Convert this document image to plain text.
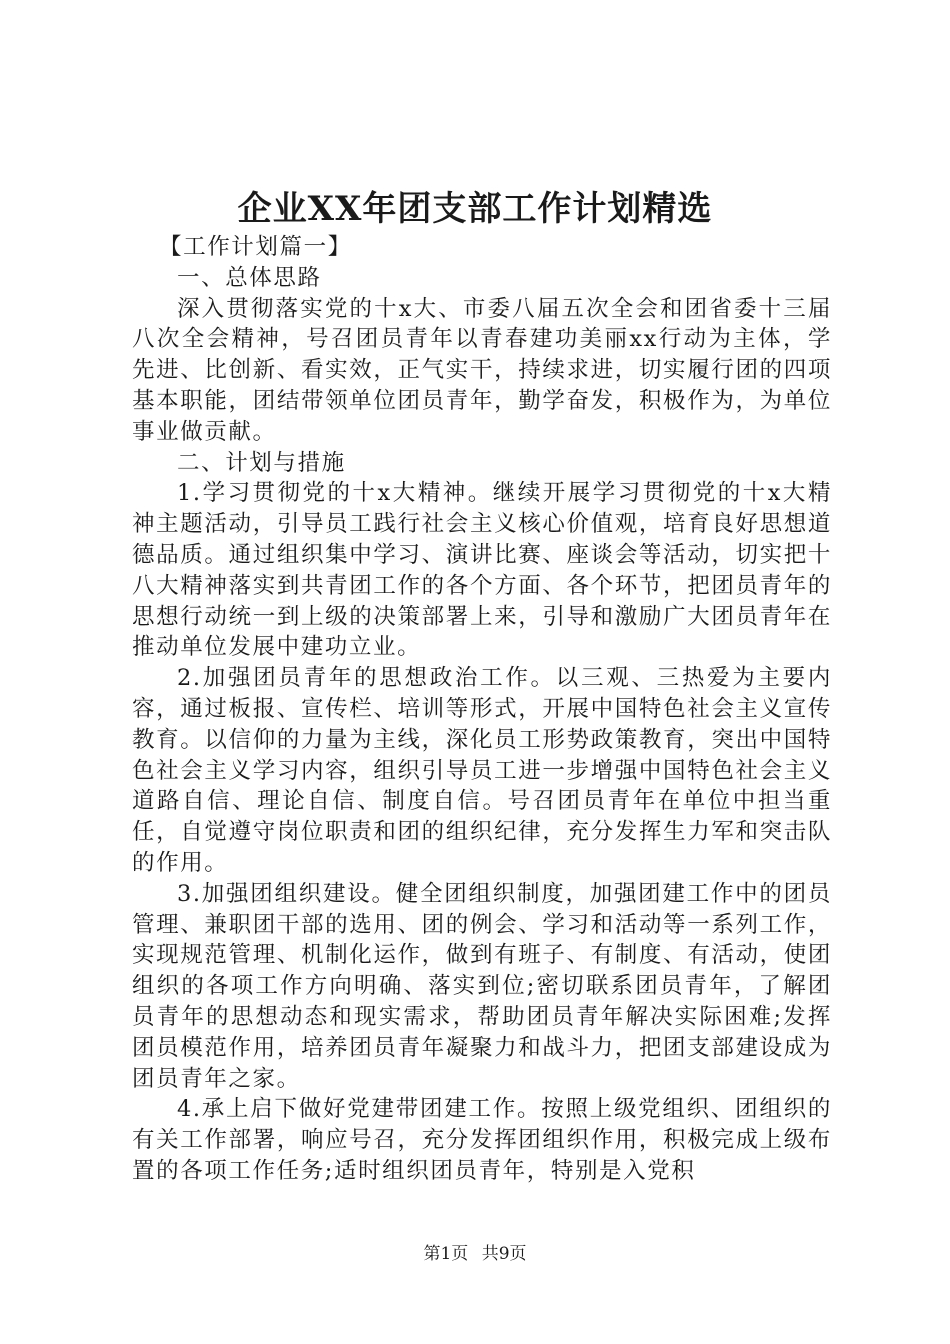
企业XX年团支部工作计划精选

【工作计划篇一】

一、总体思路

深入贯彻落实党的十x大、市委八届五次全会和团省委十三届八次全会精神，号召团员青年以青春建功美丽xx行动为主体，学先进、比创新、看实效，正气实干，持续求进，切实履行团的四项基本职能，团结带领单位团员青年，勤学奋发，积极作为，为单位事业做贡献。

二、计划与措施

1.学习贯彻党的十x大精神。继续开展学习贯彻党的十x大精神主题活动，引导员工践行社会主义核心价值观，培育良好思想道德品质。通过组织集中学习、演讲比赛、座谈会等活动，切实把十八大精神落实到共青团工作的各个方面、各个环节，把团员青年的思想行动统一到上级的决策部署上来，引导和激励广大团员青年在推动单位发展中建功立业。

2.加强团员青年的思想政治工作。以三观、三热爱为主要内容，通过板报、宣传栏、培训等形式，开展中国特色社会主义宣传教育。以信仰的力量为主线，深化员工形势政策教育，突出中国特色社会主义学习内容，组织引导员工进一步增强中国特色社会主义道路自信、理论自信、制度自信。号召团员青年在单位中担当重任，自觉遵守岗位职责和团的组织纪律，充分发挥生力军和突击队的作用。

3.加强团组织建设。健全团组织制度，加强团建工作中的团员管理、兼职团干部的选用、团的例会、学习和活动等一系列工作，实现规范管理、机制化运作，做到有班子、有制度、有活动，使团组织的各项工作方向明确、落实到位;密切联系团员青年，了解团员青年的思想动态和现实需求，帮助团员青年解决实际困难;发挥团员模范作用，培养团员青年凝聚力和战斗力，把团支部建设成为团员青年之家。

4.承上启下做好党建带团建工作。按照上级党组织、团组织的有关工作部署，响应号召，充分发挥团组织作用，积极完成上级布置的各项工作任务;适时组织团员青年，特别是入党积

第1页 共9页
